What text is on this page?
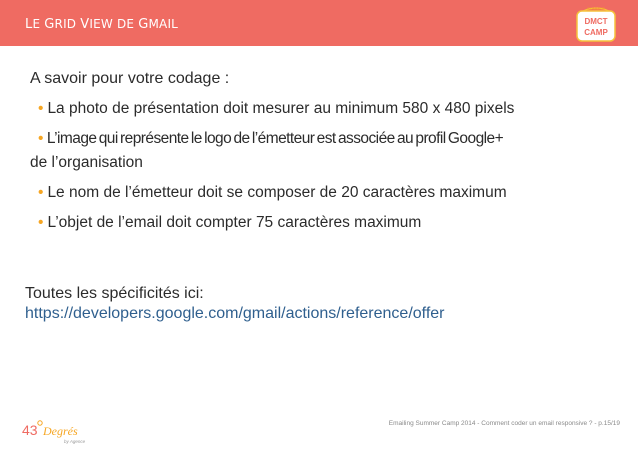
LE GRID VIEW DE GMAIL
SUMMER
DMCT
CAMP

A savoir pour votre codage :

• La photo de présentation doit mesurer au minimum 580 x 480 pixels
• L’image qui représente le logo de l’émetteur est associée au profil Google+
de l’organisation
• Le nom de l’émetteur doit se composer de 20 caractères maximum
• L’objet de l’email doit compter 75 caractères maximum
Toutes les spécificités ici:
https://developers.google.com/gmail/actions/reference/offer
43 Degrés
by Agence
Emailing Summer Camp 2014 - Comment coder un email responsive ? - p.15/19
